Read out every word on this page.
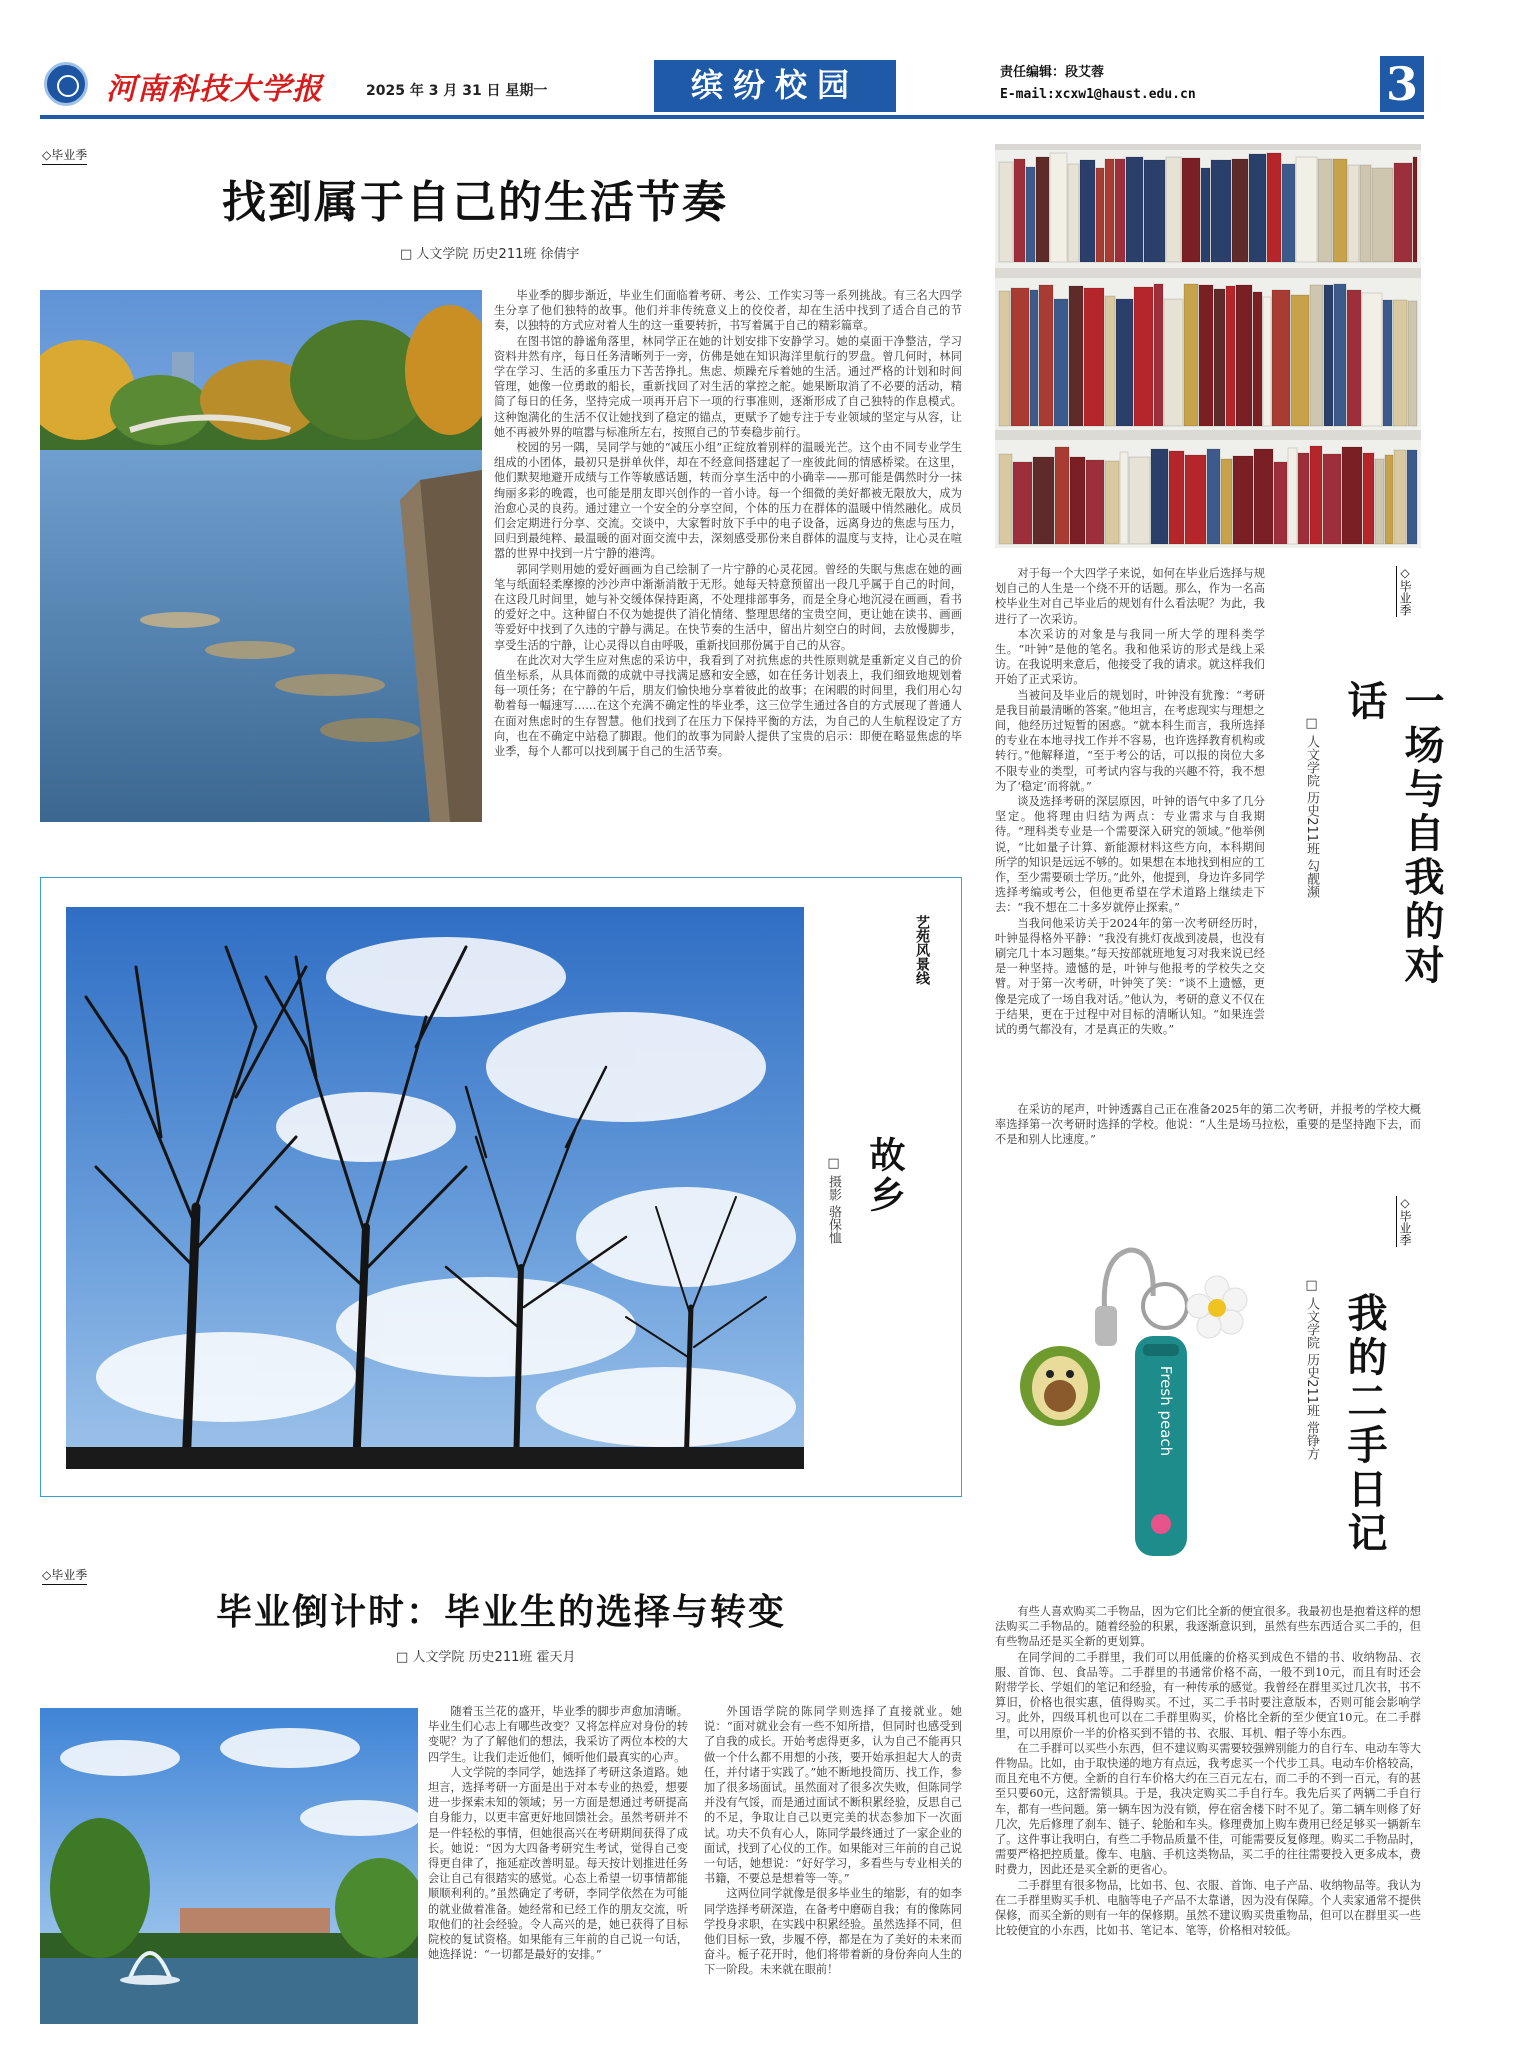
河南科技大学报	2025 年 3 月 31 日 星期一	缤纷校园	责任编辑：段艾蓉
E-mail:xcxw1@haust.edu.cn	3
◇毕业季
找到属于自己的生活节奏
□ 人文学院 历史211班 徐倩宇

毕业季的脚步渐近，毕业生们面临着考研、考公、工作实习等一系列挑战。有三名大四学生分享了他们独特的故事。他们并非传统意义上的佼佼者，却在生活中找到了适合自己的节奏，以独特的方式应对着人生的这一重要转折，书写着属于自己的精彩篇章。

在图书馆的静谧角落里，林同学正在她的计划安排下安静学习。她的桌面干净整洁，学习资料井然有序，每日任务清晰列于一旁，仿佛是她在知识海洋里航行的罗盘。曾几何时，林同学在学习、生活的多重压力下苦苦挣扎。焦虑、烦躁充斥着她的生活。通过严格的计划和时间管理，她像一位勇敢的船长，重新找回了对生活的掌控之舵。她果断取消了不必要的活动，精简了每日的任务，坚持完成一项再开启下一项的行事准则，逐渐形成了自己独特的作息模式。这种饱满化的生活不仅让她找到了稳定的锚点，更赋予了她专注于专业领域的坚定与从容，让她不再被外界的喧嚣与标准所左右，按照自己的节奏稳步前行。

校园的另一隅，吴同学与她的“减压小组”正绽放着别样的温暖光芒。这个由不同专业学生组成的小团体，最初只是拼单伙伴，却在不经意间搭建起了一座彼此间的情感桥梁。在这里，他们默契地避开成绩与工作等敏感话题，转而分享生活中的小确幸——那可能是偶然时分一抹绚丽多彩的晚霞，也可能是朋友即兴创作的一首小诗。每一个细微的美好都被无限放大，成为治愈心灵的良药。通过建立一个安全的分享空间，个体的压力在群体的温暖中悄然融化。成员们会定期进行分享、交流。交谈中，大家暂时放下手中的电子设备，远离身边的焦虑与压力，回归到最纯粹、最温暖的面对面交流中去，深刻感受那份来自群体的温度与支持，让心灵在喧嚣的世界中找到一片宁静的港湾。

郭同学则用她的爱好画画为自己绘制了一片宁静的心灵花园。曾经的失眠与焦虑在她的画笔与纸面轻柔摩擦的沙沙声中渐渐消散于无形。她每天特意预留出一段几乎属于自己的时间，在这段几时间里，她与补交缓体保持距离，不处理排部事务，而是全身心地沉浸在画画，看书的爱好之中。这种留白不仅为她提供了消化情绪、整理思绪的宝贵空间，更让她在读书、画画等爱好中找到了久违的宁静与满足。在快节奏的生活中，留出片刻空白的时间，去放慢脚步，享受生活的宁静，让心灵得以自由呼吸，重新找回那份属于自己的从容。

在此次对大学生应对焦虑的采访中，我看到了对抗焦虑的共性原则就是重新定义自己的价值坐标系，从具体而微的成就中寻找满足感和安全感，如在任务计划表上，我们细致地规划着每一项任务；在宁静的午后，朋友们愉快地分享着彼此的故事；在闲暇的时间里，我们用心勾勒着每一幅速写……在这个充满不确定性的毕业季，这三位学生通过各自的方式展现了普通人在面对焦虑时的生存智慧。他们找到了在压力下保持平衡的方法，为自己的人生航程设定了方向，也在不确定中站稳了脚跟。他们的故事为同龄人提供了宝贵的启示：即便在略显焦虑的毕业季，每个人都可以找到属于自己的生活节奏。

◇毕业季
一场与自我的对话
□ 人文学院 历史211班 勾靓濒

对于每一个大四学子来说，如何在毕业后选择与规划自己的人生是一个绕不开的话题。那么，作为一名高校毕业生对自己毕业后的规划有什么看法呢？为此，我进行了一次采访。

本次采访的对象是与我同一所大学的理科类学生。“叶钟”是他的笔名。我和他采访的形式是线上采访。在我说明来意后，他接受了我的请求。就这样我们开始了正式采访。

当被问及毕业后的规划时，叶钟没有犹豫：“考研是我目前最清晰的答案。”他坦言，在考虑现实与理想之间，他经历过短暂的困惑。“就本科生而言，我所选择的专业在本地寻找工作并不容易，也许选择教育机构或转行。”他解释道，“至于考公的话，可以报的岗位大多不限专业的类型，可考试内容与我的兴趣不符，我不想为了‘稳定’而将就。”

谈及选择考研的深层原因，叶钟的语气中多了几分坚定。他将理由归结为两点：专业需求与自我期待。“理科类专业是一个需要深入研究的领域。”他举例说，“比如量子计算、新能源材料这些方向，本科期间所学的知识是远远不够的。如果想在本地找到相应的工作，至少需要硕士学历。”此外，他提到，身边许多同学选择考编或考公，但他更希望在学术道路上继续走下去：“我不想在二十多岁就停止探索。”

当我问他采访关于2024年的第一次考研经历时，叶钟显得格外平静：“我没有挑灯夜战到凌晨，也没有刷完几十本习题集。”每天按部就班地复习对我来说已经是一种坚持。遗憾的是，叶钟与他报考的学校失之交臂。对于第一次考研，叶钟笑了笑：“谈不上遗憾，更像是完成了一场自我对话。”他认为，考研的意义不仅在于结果，更在于过程中对目标的清晰认知。“如果连尝试的勇气都没有，才是真正的失败。”

在采访的尾声，叶钟透露自己正在准备2025年的第二次考研，并报考的学校大概率选择第一次考研时选择的学校。他说：“人生是场马拉松，重要的是坚持跑下去，而不是和别人比速度。”

艺苑风景线
故乡
□ 摄影 骆保恤
Fresh peach
◇毕业季
我的二手日记
□ 人文学院 历史211班 常铮方

有些人喜欢购买二手物品，因为它们比全新的便宜很多。我最初也是抱着这样的想法购买二手物品的。随着经验的积累，我逐渐意识到，虽然有些东西适合买二手的，但有些物品还是买全新的更划算。

在同学间的二手群里，我们可以用低廉的价格买到成色不错的书、收纳物品、衣服、首饰、包、食品等。二手群里的书通常价格不高，一般不到10元，而且有时还会附带学长、学姐们的笔记和经验，有一种传承的感觉。我曾经在群里买过几次书，书不算旧，价格也很实惠，值得购买。不过，买二手书时要注意版本，否则可能会影响学习。此外，四级耳机也可以在二手群里购买，价格比全新的至少便宜10元。在二手群里，可以用原价一半的价格买到不错的书、衣服、耳机、帽子等小东西。

在二手群可以买些小东西，但不建议购买需要较强辨别能力的自行车、电动车等大件物品。比如，由于取快递的地方有点远，我考虑买一个代步工具。电动车价格较高，而且充电不方便。全新的自行车价格大约在三百元左右，而二手的不到一百元，有的甚至只要60元，这舒需锁具。于是，我决定购买二手自行车。我先后买了两辆二手自行车，都有一些问题。第一辆车因为没有锁，停在宿舍楼下时不见了。第二辆车则修了好几次，先后修理了刹车、链子、轮胎和车头。修理费加上购车费用已经足够买一辆新车了。这件事让我明白，有些二手物品质量不佳，可能需要反复修理。购买二手物品时，需要严格把控质量。像车、电脑、手机这类物品，买二手的往往需要投入更多成本，费时费力，因此还是买全新的更省心。

二手群里有很多物品，比如书、包、衣服、首饰、电子产品、收纳物品等。我认为在二手群里购买手机、电脑等电子产品不太靠谱，因为没有保障。个人卖家通常不提供保修，而买全新的则有一年的保修期。虽然不建议购买贵重物品，但可以在群里买一些比较便宜的小东西，比如书、笔记本、笔等，价格相对较低。

◇毕业季
毕业倒计时：毕业生的选择与转变
□ 人文学院 历史211班 霍天月

随着玉兰花的盛开，毕业季的脚步声愈加清晰。毕业生们心志上有哪些改变？又将怎样应对身份的转变呢？为了了解他们的想法，我采访了两位本校的大四学生。让我们走近他们，倾听他们最真实的心声。

人文学院的李同学，她选择了考研这条道路。她坦言，选择考研一方面是出于对本专业的热爱，想要进一步探索未知的领域；另一方面是想通过考研提高自身能力，以更丰富更好地回馈社会。虽然考研并不是一件轻松的事情，但她很高兴在考研期间获得了成长。她说：“因为大四备考研究生考试，觉得自己变得更自律了，拖延症改善明显。每天按计划推进任务会让自己有很踏实的感觉。心态上希望一切事情都能顺顺利利的。”虽然确定了考研，李同学依然在为可能的就业做着准备。她经常和已经工作的朋友交流，听取他们的社会经验。令人高兴的是，她已获得了目标院校的复试资格。如果能有三年前的自己说一句话，她选择说：“一切都是最好的安排。”

外国语学院的陈同学则选择了直接就业。她说：“面对就业会有一些不知所措，但同时也感受到了自我的成长。开始考虑得更多，认为自己不能再只做一个什么都不用想的小孩，要开始承担起大人的责任，并付诸于实践了。”她不断地投简历、找工作，参加了很多场面试。虽然面对了很多次失败，但陈同学并没有气馁，而是通过面试不断积累经验，反思自己的不足，争取让自己以更完美的状态参加下一次面试。功夫不负有心人，陈同学最终通过了一家企业的面试，找到了心仪的工作。如果能对三年前的自己说一句话，她想说：“好好学习，多看些与专业相关的书籍，不要总是想着等一等。”

这两位同学就像是很多毕业生的缩影，有的如李同学选择考研深造，在备考中磨砺自我；有的像陈同学投身求职，在实践中积累经验。虽然选择不同，但他们目标一致，步履不停，都是在为了美好的未来而奋斗。栀子花开时，他们将带着新的身份奔向人生的下一阶段。未来就在眼前！
